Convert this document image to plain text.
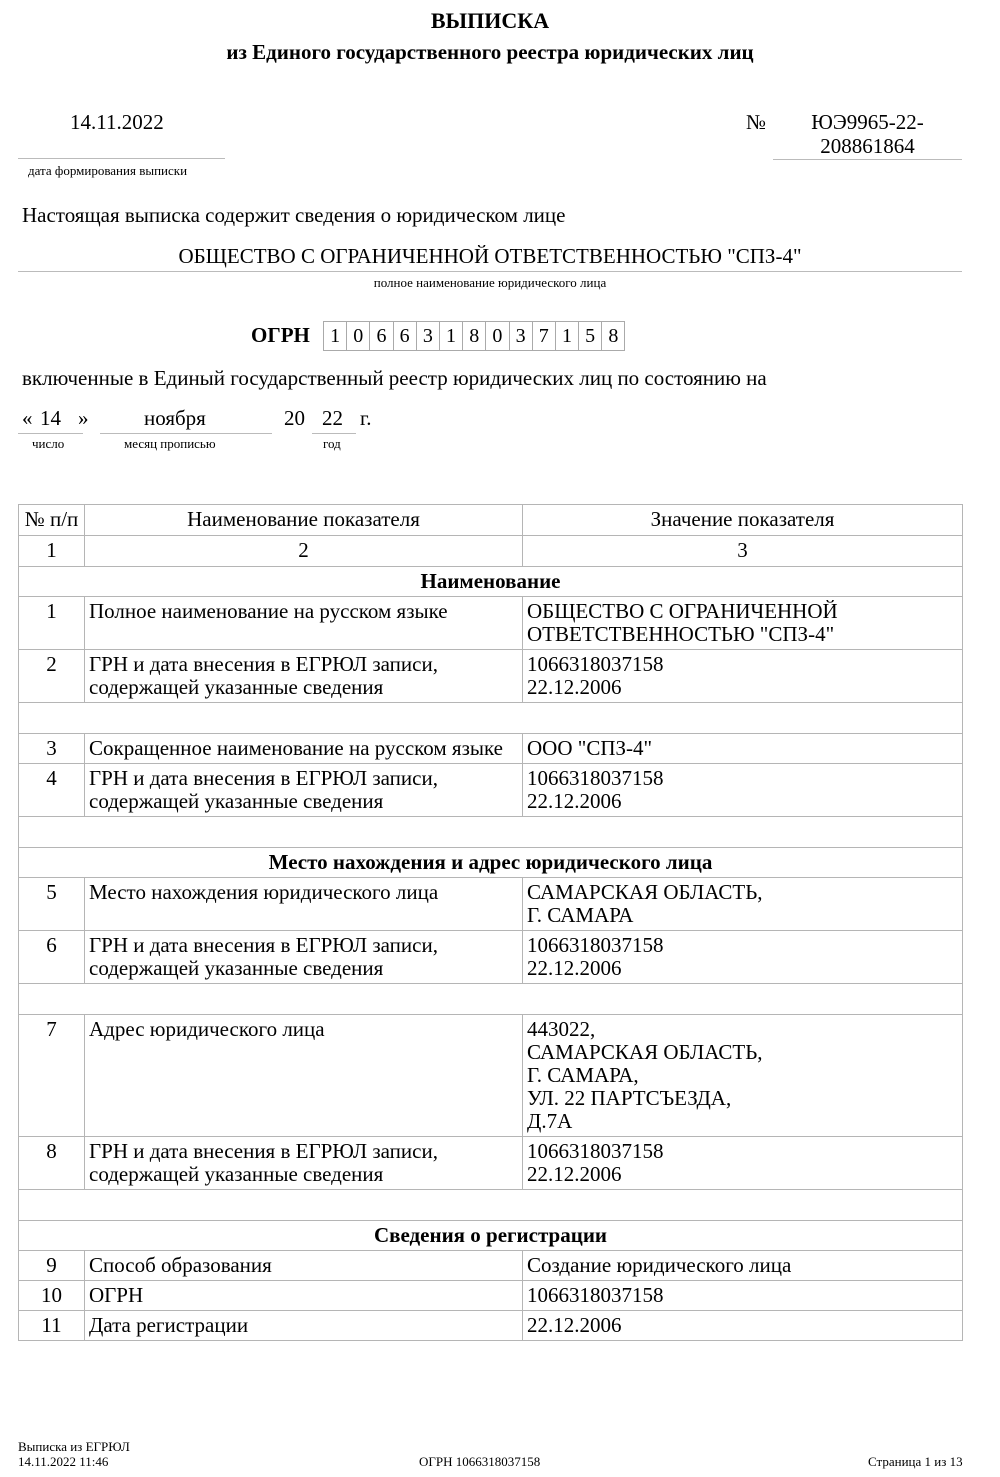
ВЫПИСКА
из Единого государственного реестра юридических лиц
14.11.2022
дата формирования выписки
№	ЮЭ9965-22-208861864
Настоящая выписка содержит сведения о юридическом лице
ОБЩЕСТВО С ОГРАНИЧЕННОЙ ОТВЕТСТВЕННОСТЬЮ "СПЗ-4"
полное наименование юридического лица
ОГРН	1 0 6 6 3 1 8 0 3 7 1 5 8
включенные в Единый государственный реестр юридических лиц по состоянию на
« 14 »	ноября	20 22 г.
число	месяц прописью	год
№ п/п	Наименование показателя	Значение показателя
1	2	3
Наименование		
1	Полное наименование на русском языке	ОБЩЕСТВО С ОГРАНИЧЕННОЙ
ОТВЕТСТВЕННОСТЬЮ "СПЗ-4"

2	ГРН и дата внесения в ЕГРЮЛ записи, содержащей указанные сведения	1066318037158
22.12.2006

3	Сокращенное наименование на русском языке	ООО "СПЗ-4"

4	ГРН и дата внесения в ЕГРЮЛ записи, содержащей указанные сведения	1066318037158
22.12.2006

Место нахождения и адрес юридического лица		
5	Место нахождения юридического лица	САМАРСКАЯ ОБЛАСТЬ,
Г. САМАРА

6	ГРН и дата внесения в ЕГРЮЛ записи, содержащей указанные сведения	1066318037158
22.12.2006

7	Адрес юридического лица	443022,
САМАРСКАЯ ОБЛАСТЬ,
Г. САМАРА,
УЛ. 22 ПАРТСЪЕЗДА,
Д.7А

8	ГРН и дата внесения в ЕГРЮЛ записи, содержащей указанные сведения	1066318037158
22.12.2006

Сведения о регистрации		
9	Способ образования	Создание юридического лица

10	ОГРН	1066318037158

11	Дата регистрации	22.12.2006
Выписка из ЕГРЮЛ
14.11.2022 11:46	ОГРН 1066318037158	Страница 1 из 13
